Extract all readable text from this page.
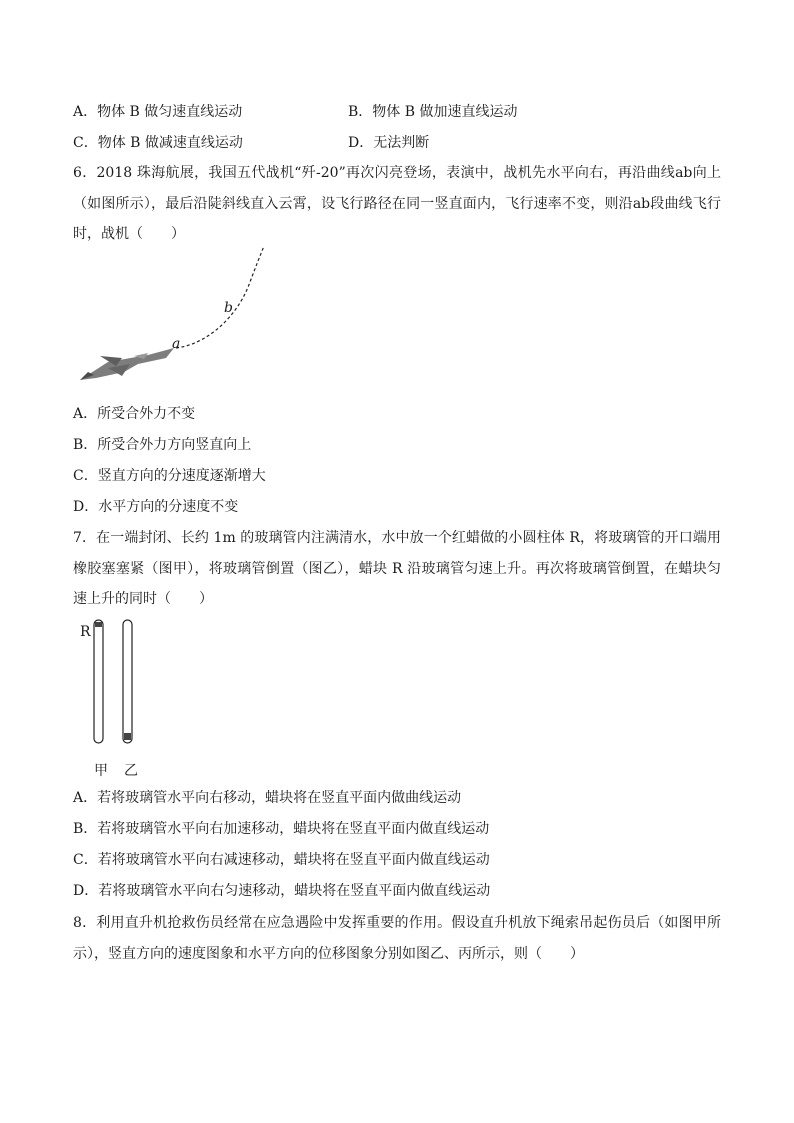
A．物体 B 做匀速直线运动	B．物体 B 做加速直线运动
C．物体 B 做减速直线运动	D．无法判断
6．2018 珠海航展，我国五代战机“歼-20”再次闪亮登场，表演中，战机先水平向右，再沿曲线ab向上（如图所示），最后沿陡斜线直入云霄，设飞行路径在同一竖直面内，飞行速率不变，则沿ab段曲线飞行时，战机（　　）
a
b
A．所受合外力不变
B．所受合外力方向竖直向上
C．竖直方向的分速度逐渐增大
D．水平方向的分速度不变
7．在一端封闭、长约 1m 的玻璃管内注满清水，水中放一个红蜡做的小圆柱体 R，将玻璃管的开口端用橡胶塞塞紧（图甲），将玻璃管倒置（图乙），蜡块 R 沿玻璃管匀速上升。再次将玻璃管倒置，在蜡块匀速上升的同时（　　）
R
甲 乙
A．若将玻璃管水平向右移动，蜡块将在竖直平面内做曲线运动
B．若将玻璃管水平向右加速移动，蜡块将在竖直平面内做直线运动
C．若将玻璃管水平向右减速移动，蜡块将在竖直平面内做直线运动
D．若将玻璃管水平向右匀速移动，蜡块将在竖直平面内做直线运动
8．利用直升机抢救伤员经常在应急遇险中发挥重要的作用。假设直升机放下绳索吊起伤员后（如图甲所示），竖直方向的速度图象和水平方向的位移图象分别如图乙、丙所示，则（　　）
